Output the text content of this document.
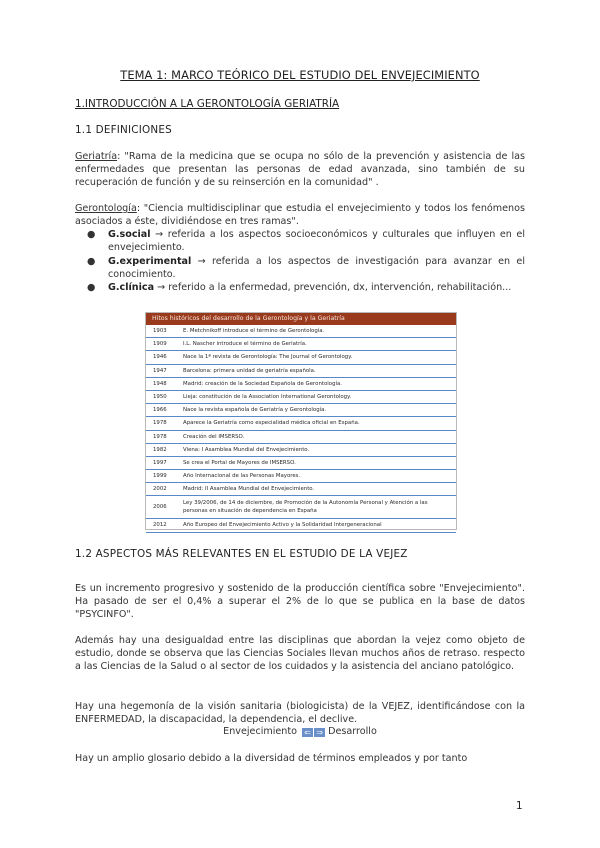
TEMA 1: MARCO TEÓRICO DEL ESTUDIO DEL ENVEJECIMIENTO
1.INTRODUCCIÓN A LA GERONTOLOGÍA GERIATRÍA
1.1 DEFINICIONES
Geriatría: "Rama de la medicina que se ocupa no sólo de la prevención y asistencia de las enfermedades que presentan las personas de edad avanzada, sino también de su recuperación de función y de su reinserción en la comunidad" .
Gerontología: "Ciencia multidisciplinar que estudia el envejecimiento y todos los fenómenos asociados a éste, dividiéndose en tres ramas".
● G.social → referida a los aspectos socioeconómicos y culturales que influyen en el envejecimiento.
● G.experimental → referida a los aspectos de investigación para avanzar en el conocimiento.
● G.clínica → referido a la enfermedad, prevención, dx, intervención, rehabilitación...
Hitos históricos del desarrollo de la Gerontología y la Geriatría
1903	E. Metchnikoff introduce el término de Gerontología.
1909	I.L. Nascher introduce el término de Geriatría.
1946	Nace la 1ª revista de Gerontología: The Journal of Gerontology.
1947	Barcelona: primera unidad de geriatría española.
1948	Madrid: creación de la Sociedad Española de Gerontología.
1950	Lieja: constitución de la Association International Gerontology.
1966	Nace la revista española de Geriatría y Gerontología.
1978	Aparece la Geriatría como especialidad médica oficial en España.
1978	Creación del IMSERSO.
1982	Viena: I Asamblea Mundial del Envejecimiento.
1997	Se crea el Portal de Mayores de IMSERSO.
1999	Año Internacional de las Personas Mayores.
2002	Madrid: II Asamblea Mundial del Envejecimiento.
2006
Ley 39/2006, de 14 de diciembre, de Promoción de la Autonomía Personal y Atención a las personas en situación de dependencia en España
2012	Año Europeo del Envejecimiento Activo y la Solidaridad Intergeneracional
1.2 ASPECTOS MÁS RELEVANTES EN EL ESTUDIO DE LA VEJEZ
Es un incremento progresivo y sostenido de la producción científica sobre "Envejecimiento". Ha pasado de ser el 0,4% a superar el 2% de lo que se publica en la base de datos "PSYCINFO".
Además hay una desigualdad entre las disciplinas que abordan la vejez como objeto de estudio, donde se observa que las Ciencias Sociales llevan muchos años de retraso. respecto a las Ciencias de la Salud o al sector de los cuidados y la asistencia del anciano patológico.
Hay una hegemonía de la visión sanitaria (biologicista) de la VEJEZ, identificándose con la ENFERMEDAD, la discapacidad, la dependencia, el declive.
Envejecimiento ⇐ ⇒ Desarrollo
Hay un amplio glosario debido a la diversidad de términos empleados y por tanto
1
